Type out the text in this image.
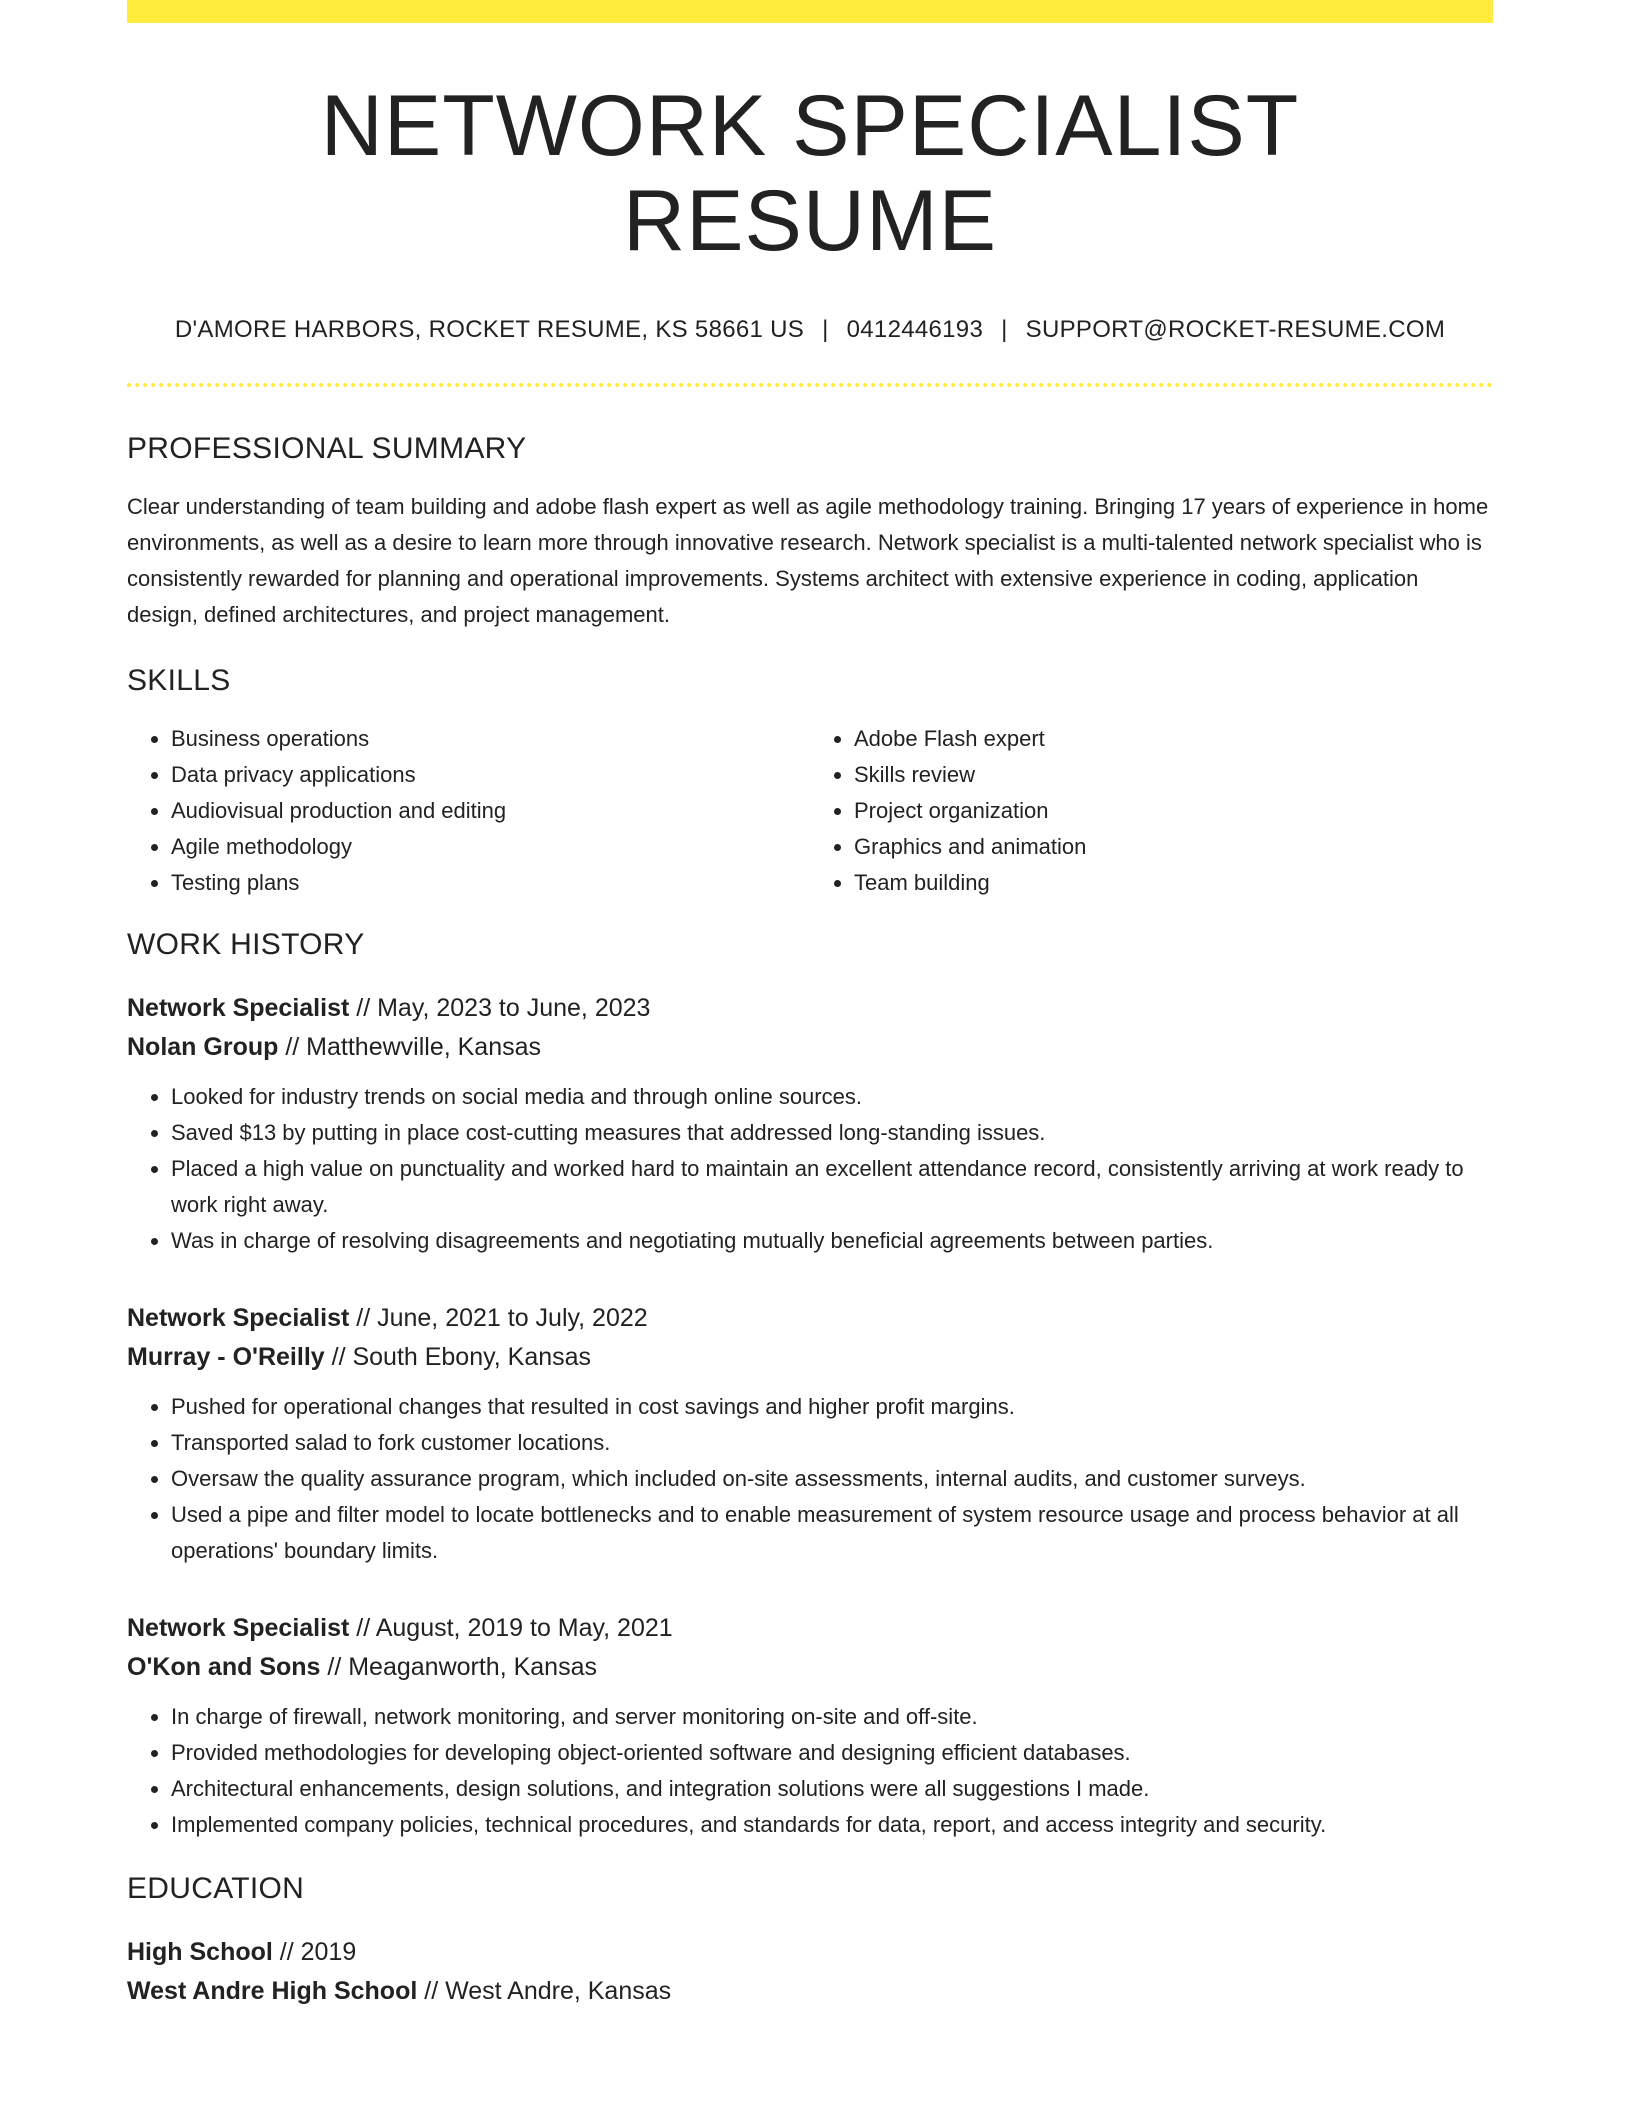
NETWORK SPECIALIST RESUME
D'AMORE HARBORS, ROCKET RESUME, KS 58661 US | 0412446193 | SUPPORT@ROCKET-RESUME.COM
PROFESSIONAL SUMMARY
Clear understanding of team building and adobe flash expert as well as agile methodology training. Bringing 17 years of experience in home environments, as well as a desire to learn more through innovative research. Network specialist is a multi-talented network specialist who is consistently rewarded for planning and operational improvements. Systems architect with extensive experience in coding, application design, defined architectures, and project management.
SKILLS
• Business operations
• Data privacy applications
• Audiovisual production and editing
• Agile methodology
• Testing plans
• Adobe Flash expert
• Skills review
• Project organization
• Graphics and animation
• Team building
WORK HISTORY
Network Specialist // May, 2023 to June, 2023
Nolan Group // Matthewville, Kansas
• Looked for industry trends on social media and through online sources.
• Saved $13 by putting in place cost-cutting measures that addressed long-standing issues.
• Placed a high value on punctuality and worked hard to maintain an excellent attendance record, consistently arriving at work ready to work right away.
• Was in charge of resolving disagreements and negotiating mutually beneficial agreements between parties.
Network Specialist // June, 2021 to July, 2022
Murray - O'Reilly // South Ebony, Kansas
• Pushed for operational changes that resulted in cost savings and higher profit margins.
• Transported salad to fork customer locations.
• Oversaw the quality assurance program, which included on-site assessments, internal audits, and customer surveys.
• Used a pipe and filter model to locate bottlenecks and to enable measurement of system resource usage and process behavior at all operations' boundary limits.
Network Specialist // August, 2019 to May, 2021
O'Kon and Sons // Meaganworth, Kansas
• In charge of firewall, network monitoring, and server monitoring on-site and off-site.
• Provided methodologies for developing object-oriented software and designing efficient databases.
• Architectural enhancements, design solutions, and integration solutions were all suggestions I made.
• Implemented company policies, technical procedures, and standards for data, report, and access integrity and security.
EDUCATION
High School // 2019
West Andre High School // West Andre, Kansas
